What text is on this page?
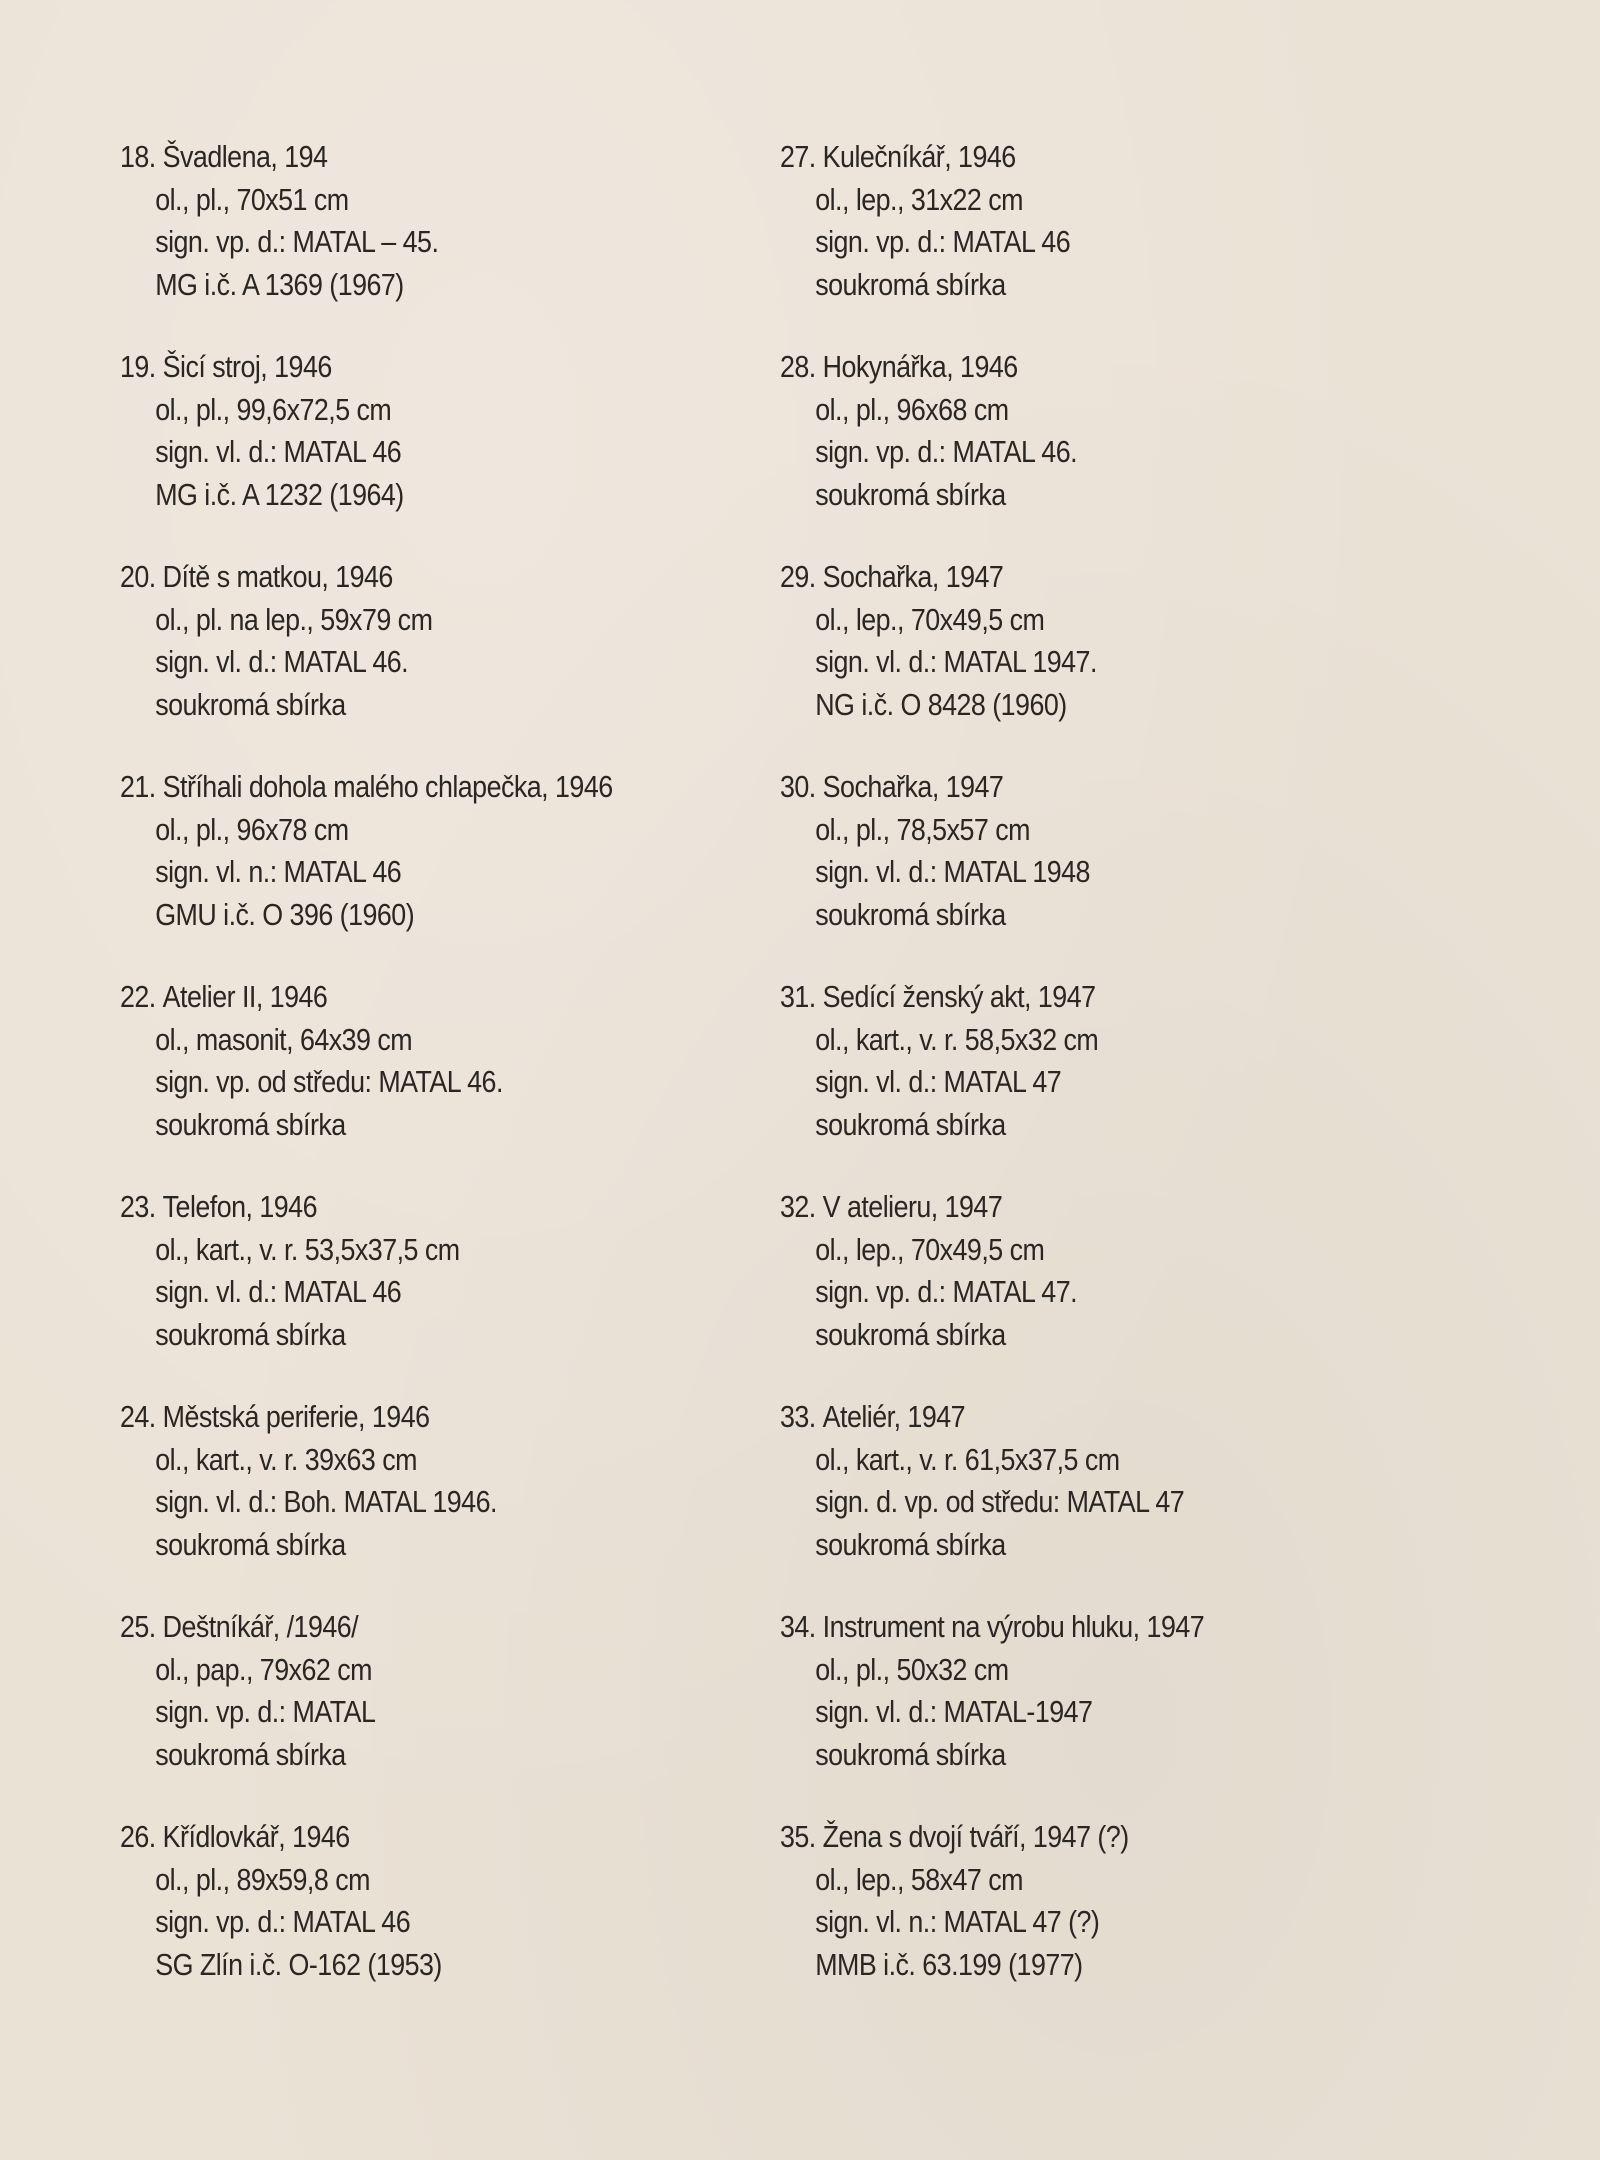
18.
Švadlena, 194
ol., pl., 70x51 cm
sign. vp. d.: MATAL – 45.
MG i.č. A 1369 (1967)
19.
Šicí stroj, 1946
ol., pl., 99,6x72,5 cm
sign. vl. d.: MATAL 46
MG i.č. A 1232 (1964)
20.
Dítě s matkou, 1946
ol., pl. na lep., 59x79 cm
sign. vl. d.: MATAL 46.
soukromá sbírka
21.
Stříhali dohola malého chlapečka, 1946
ol., pl., 96x78 cm
sign. vl. n.: MATAL 46
GMU i.č. O 396 (1960)
22.
Atelier II, 1946
ol., masonit, 64x39 cm
sign. vp. od středu: MATAL 46.
soukromá sbírka
23.
Telefon, 1946
ol., kart., v. r. 53,5x37,5 cm
sign. vl. d.: MATAL 46
soukromá sbírka
24.
Městská periferie, 1946
ol., kart., v. r. 39x63 cm
sign. vl. d.: Boh. MATAL 1946.
soukromá sbírka
25.
Deštníkář, /1946/
ol., pap., 79x62 cm
sign. vp. d.: MATAL
soukromá sbírka
26.
Křídlovkář, 1946
ol., pl., 89x59,8 cm
sign. vp. d.: MATAL 46
SG Zlín i.č. O-162 (1953)
27.
Kulečníkář, 1946
ol., lep., 31x22 cm
sign. vp. d.: MATAL 46
soukromá sbírka
28.
Hokynářka, 1946
ol., pl., 96x68 cm
sign. vp. d.: MATAL 46.
soukromá sbírka
29.
Sochařka, 1947
ol., lep., 70x49,5 cm
sign. vl. d.: MATAL 1947.
NG i.č. O 8428 (1960)
30.
Sochařka, 1947
ol., pl., 78,5x57 cm
sign. vl. d.: MATAL 1948
soukromá sbírka
31.
Sedící ženský akt, 1947
ol., kart., v. r. 58,5x32 cm
sign. vl. d.: MATAL 47
soukromá sbírka
32.
V atelieru, 1947
ol., lep., 70x49,5 cm
sign. vp. d.: MATAL 47.
soukromá sbírka
33.
Ateliér, 1947
ol., kart., v. r. 61,5x37,5 cm
sign. d. vp. od středu: MATAL 47
soukromá sbírka
34.
Instrument na výrobu hluku, 1947
ol., pl., 50x32 cm
sign. vl. d.: MATAL-1947
soukromá sbírka
35.
Žena s dvojí tváří, 1947 (?)
ol., lep., 58x47 cm
sign. vl. n.: MATAL 47 (?)
MMB i.č. 63.199 (1977)
